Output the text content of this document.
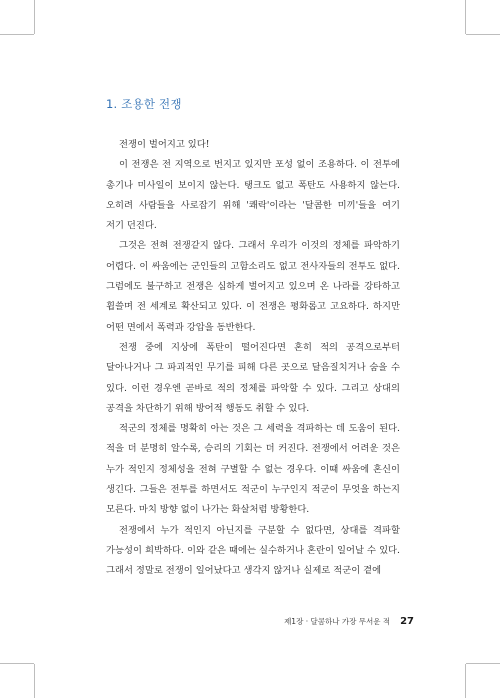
1. 조용한 전쟁

전쟁이 벌어지고 있다!

이 전쟁은 전 지역으로 번지고 있지만 포성 없이 조용하다. 이 전투에 총기나 미사일이 보이지 않는다. 탱크도 없고 폭탄도 사용하지 않는다. 오히려 사람들을 사로잡기 위해 '쾌락'이라는 '달콤한 미끼'들을 여기 저기 던진다.

그것은 전혀 전쟁같지 않다. 그래서 우리가 이것의 정체를 파악하기 어렵다. 이 싸움에는 군인들의 고함소리도 없고 전사자들의 전투도 없다. 그럼에도 불구하고 전쟁은 심하게 벌어지고 있으며 온 나라를 강타하고 휩쓸며 전 세계로 확산되고 있다. 이 전쟁은 평화롭고 고요하다. 하지만 어떤 면에서 폭력과 강압을 동반한다.

전쟁 중에 지상에 폭탄이 떨어진다면 혼히 적의 공격으로부터 달아나거나 그 파괴적인 무기를 피해 다른 곳으로 달음질치거나 숨을 수 있다. 이런 경우엔 곧바로 적의 정체를 파악할 수 있다. 그리고 상대의 공격을 차단하기 위해 방어적 행동도 취할 수 있다.

적군의 정체를 명확히 아는 것은 그 세력을 격파하는 데 도움이 된다. 적을 더 분명히 알수록, 승리의 기회는 더 커진다. 전쟁에서 어려운 것은 누가 적인지 정체성을 전혀 구별할 수 없는 경우다. 이때 싸움에 혼신이 생긴다. 그들은 전투를 하면서도 적군이 누구인지 적군이 무엇을 하는지 모른다. 마치 방향 없이 나가는 화살처럼 방황한다.

전쟁에서 누가 적인지 아닌지를 구분할 수 없다면, 상대를 격파할 가능성이 희박하다. 이와 같은 때에는 실수하거나 혼란이 일어날 수 있다. 그래서 정말로 전쟁이 일어났다고 생각지 않거나 실제로 적군이 곁에

제1장 · 달콤하나 가장 무서운 적 27
